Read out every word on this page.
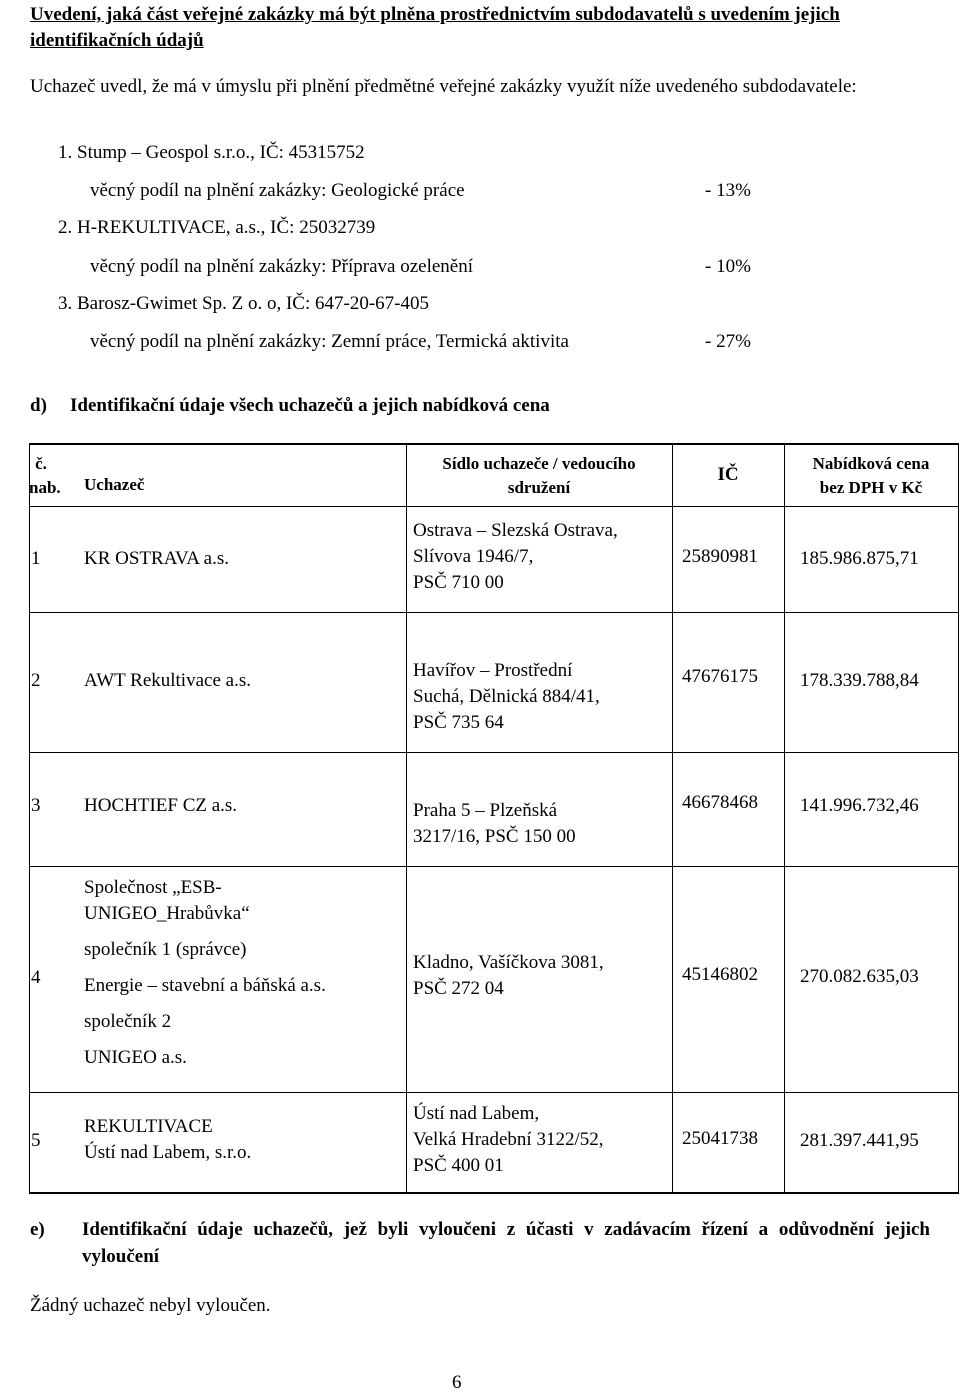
Uvedení, jaká část veřejné zakázky má být plněna prostřednictvím subdodavatelů s uvedením jejich identifikačních údajů
Uchazeč uvedl, že má v úmyslu při plnění předmětné veřejné zakázky využít níže uvedeného subdodavatele:
1. Stump – Geospol s.r.o., IČ: 45315752
věcný podíl na plnění zakázky: Geologické práce	- 13%
2. H-REKULTIVACE, a.s., IČ: 25032739
věcný podíl na plnění zakázky: Příprava ozelenění	- 10%
3. Barosz-Gwimet Sp. Z o. o, IČ: 647-20-67-405
věcný podíl na plnění zakázky: Zemní práce, Termická aktivita	- 27%
d) Identifikační údaje všech uchazečů a jejich nabídková cena
č.
nab. Uchazeč
Sídlo uchazeče / vedoucího
sdružení
IČ
Nabídková cena
bez DPH v Kč
1 KR OSTRAVA a.s.
Ostrava – Slezská Ostrava,
Slívova 1946/7,
PSČ 710 00
25890981 185.986.875,71
2 AWT Rekultivace a.s.	Havířov – Prostřední
Suchá, Dělnická 884/41,
PSČ 735 64
47676175 178.339.788,84
3 HOCHTIEF CZ a.s.	Praha 5 – Plzeňská
3217/16, PSČ 150 00
46678468 141.996.732,46
4
Společnost „ESB-
UNIGEO_Hrabůvka“
společník 1 (správce)
Energie – stavební a báňská a.s.
společník 2
UNIGEO a.s.
Kladno, Vašíčkova 3081,
PSČ 272 04
45146802 270.082.635,03
5
REKULTIVACE
Ústí nad Labem, s.r.o.
Ústí nad Labem,
Velká Hradební 3122/52,
PSČ 400 01
25041738 281.397.441,95
e) Identifikační údaje uchazečů, jež byli vyloučeni z účasti v zadávacím řízení a odůvodnění jejich vyloučení
Žádný uchazeč nebyl vyloučen.
6
